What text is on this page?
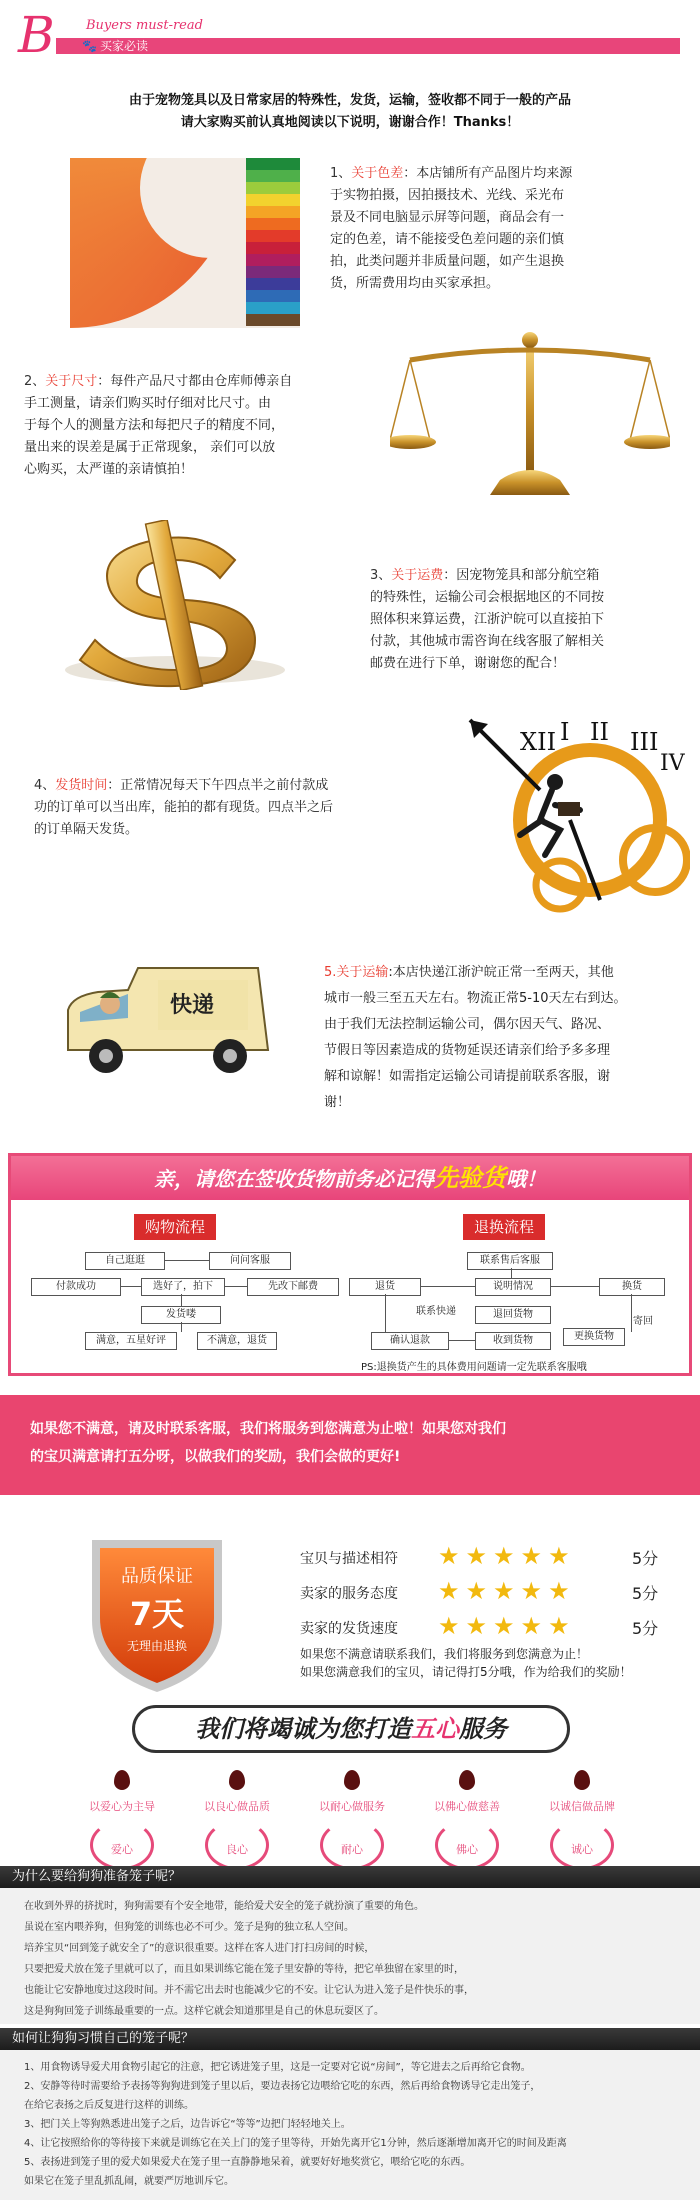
B Buyers must-read
🐾 买家必读
由于宠物笼具以及日常家居的特殊性，发货，运输，签收都不同于一般的产品
请大家购买前认真地阅读以下说明，谢谢合作！Thanks！
1、关于色差：本店铺所有产品图片均来源
于实物拍摄，因拍摄技术、光线、采光布
景及不同电脑显示屏等问题，商品会有一
定的色差，请不能接受色差问题的亲们慎
拍，此类问题并非质量问题，如产生退换
货，所需费用均由买家承担。
2、关于尺寸：每件产品尺寸都由仓库师傅亲自
手工测量，请亲们购买时仔细对比尺寸。由
于每个人的测量方法和每把尺子的精度不同，
量出来的误差是属于正常现象， 亲们可以放
心购买，太严谨的亲请慎拍！
3、关于运费：因宠物笼具和部分航空箱
的特殊性，运输公司会根据地区的不同按
照体积来算运费，江浙沪皖可以直接拍下
付款，其他城市需咨询在线客服了解相关
邮费在进行下单，谢谢您的配合！
4、发货时间：正常情况每天下午四点半之前付款成
功的订单可以当出库，能拍的都有现货。四点半之后
的订单隔天发货。
XII I II III
IV
快递
5.关于运输:本店快递江浙沪皖正常一至两天，其他
城市一般三至五天左右。物流正常5-10天左右到达。
由于我们无法控制运输公司，偶尔因天气、路况、
节假日等因素造成的货物延误还请亲们给予多多理
解和谅解！如需指定运输公司请提前联系客服，谢
谢！
亲，请您在签收货物前务必记得先验货哦！
购物流程	退换流程
自己逛逛	问问客服
付款成功	选好了，拍下	先改下邮费
发货喽
满意，五星好评	不满意，退货
联系售后客服
退货	说明情况	换货
联系快递	退回货物
寄回
确认退款	收到货物	更换货物
PS:退换货产生的具体费用问题请一定先联系客服哦
如果您不满意，请及时联系客服，我们将服务到您满意为止啦！如果您对我们
的宝贝满意请打五分呀，以做我们的奖励，我们会做的更好!
品质保证
7天
无理由退换
宝贝与描述相符 ★★★★★	5分
卖家的服务态度 ★★★★★	5分
卖家的发货速度 ★★★★★	5分
如果您不满意请联系我们，我们将服务到您满意为止！
如果您满意我们的宝贝，请记得打5分哦，作为给我们的奖励！
我们将竭诚为您打造五心服务
以爱心为主导
爱心
以良心做品质
良心
以耐心做服务
耐心
以佛心做慈善
佛心
以诚信做品牌
诚心
为什么要给狗狗准备笼子呢？
在收到外界的挤扰时，狗狗需要有个安全地带，能给爱犬安全的笼子就扮演了重要的角色。
虽说在室内喂养狗，但狗笼的训练也必不可少。笼子是狗的独立私人空间。
培养宝贝“回到笼子就安全了”的意识很重要。这样在客人进门打扫房间的时候，
只要把爱犬放在笼子里就可以了，而且如果训练它能在笼子里安静的等待，把它单独留在家里的时，
也能让它安静地度过这段时间。并不需它出去时也能减少它的不安。让它认为进入笼子是件快乐的事，
这是狗狗回笼子训练最重要的一点。这样它就会知道那里是自己的休息玩耍区了。
如何让狗狗习惯自己的笼子呢？
1、用食物诱导爱犬用食物引起它的注意，把它诱进笼子里，这是一定要对它说“房间”，等它进去之后再给它食物。
2、安静等待时需要给予表扬等狗狗进到笼子里以后，要边表扬它边喂给它吃的东西，然后再给食物诱导它走出笼子，
在给它表扬之后反复进行这样的训练。
3、把门关上等狗熟悉进出笼子之后，边告诉它“等等”边把门轻轻地关上。
4、让它按照给你的等待接下来就是训练它在关上门的笼子里等待，开始先离开它1分钟，然后逐渐增加离开它的时间及距离
5、表扬进到笼子里的爱犬如果爱犬在笼子里一直静静地呆着，就要好好地奖赏它，喂给它吃的东西。
如果它在笼子里乱抓乱闹，就要严厉地训斥它。
